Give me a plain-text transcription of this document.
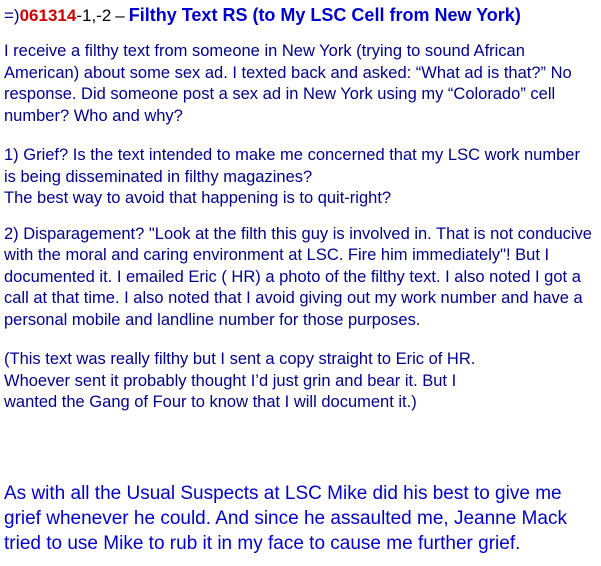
=)061314-1,-2 – Filthy Text RS (to My LSC Cell from New York)

I receive a filthy text from someone in New York (trying to sound African American) about some sex ad. I texted back and asked: “What ad is that?” No response. Did someone post a sex ad in New York using my “Colorado” cell number? Who and why?

1) Grief? Is the text intended to make me concerned that my LSC work number is being disseminated in filthy magazines?

The best way to avoid that happening is to quit-right?

2) Disparagement? "Look at the filth this guy is involved in. That is not conducive with the moral and caring environment at LSC. Fire him immediately"! But I documented it. I emailed Eric ( HR) a photo of the filthy text. I also noted I got a call at that time. I also noted that I avoid giving out my work number and have a personal mobile and landline number for those purposes.

(This text was really filthy but I sent a copy straight to Eric of HR.

Whoever sent it probably thought I’d just grin and bear it. But I

wanted the Gang of Four to know that I will document it.)

As with all the Usual Suspects at LSC Mike did his best to give me grief whenever he could. And since he assaulted me, Jeanne Mack tried to use Mike to rub it in my face to cause me further grief.
